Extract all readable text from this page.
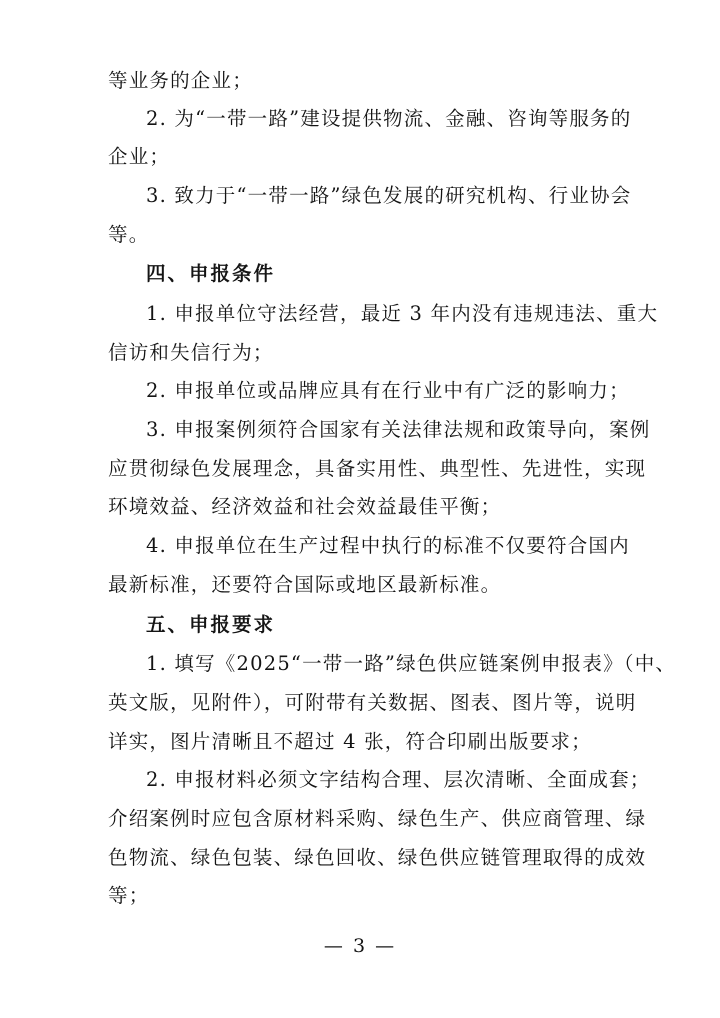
等业务的企业；
2. 为“一带一路”建设提供物流、金融、咨询等服务的
企业；
3. 致力于“一带一路”绿色发展的研究机构、行业协会
等。
四、申报条件
1. 申报单位守法经营，最近 3 年内没有违规违法、重大
信访和失信行为；
2. 申报单位或品牌应具有在行业中有广泛的影响力；
3. 申报案例须符合国家有关法律法规和政策导向，案例
应贯彻绿色发展理念，具备实用性、典型性、先进性，实现
环境效益、经济效益和社会效益最佳平衡；
4. 申报单位在生产过程中执行的标准不仅要符合国内
最新标准，还要符合国际或地区最新标准。
五、申报要求
1. 填写《2025“一带一路”绿色供应链案例申报表》（中、
英文版，见附件），可附带有关数据、图表、图片等，说明
详实，图片清晰且不超过 4 张，符合印刷出版要求；
2. 申报材料必须文字结构合理、层次清晰、全面成套；
介绍案例时应包含原材料采购、绿色生产、供应商管理、绿
色物流、绿色包装、绿色回收、绿色供应链管理取得的成效
等；
— 3 —
